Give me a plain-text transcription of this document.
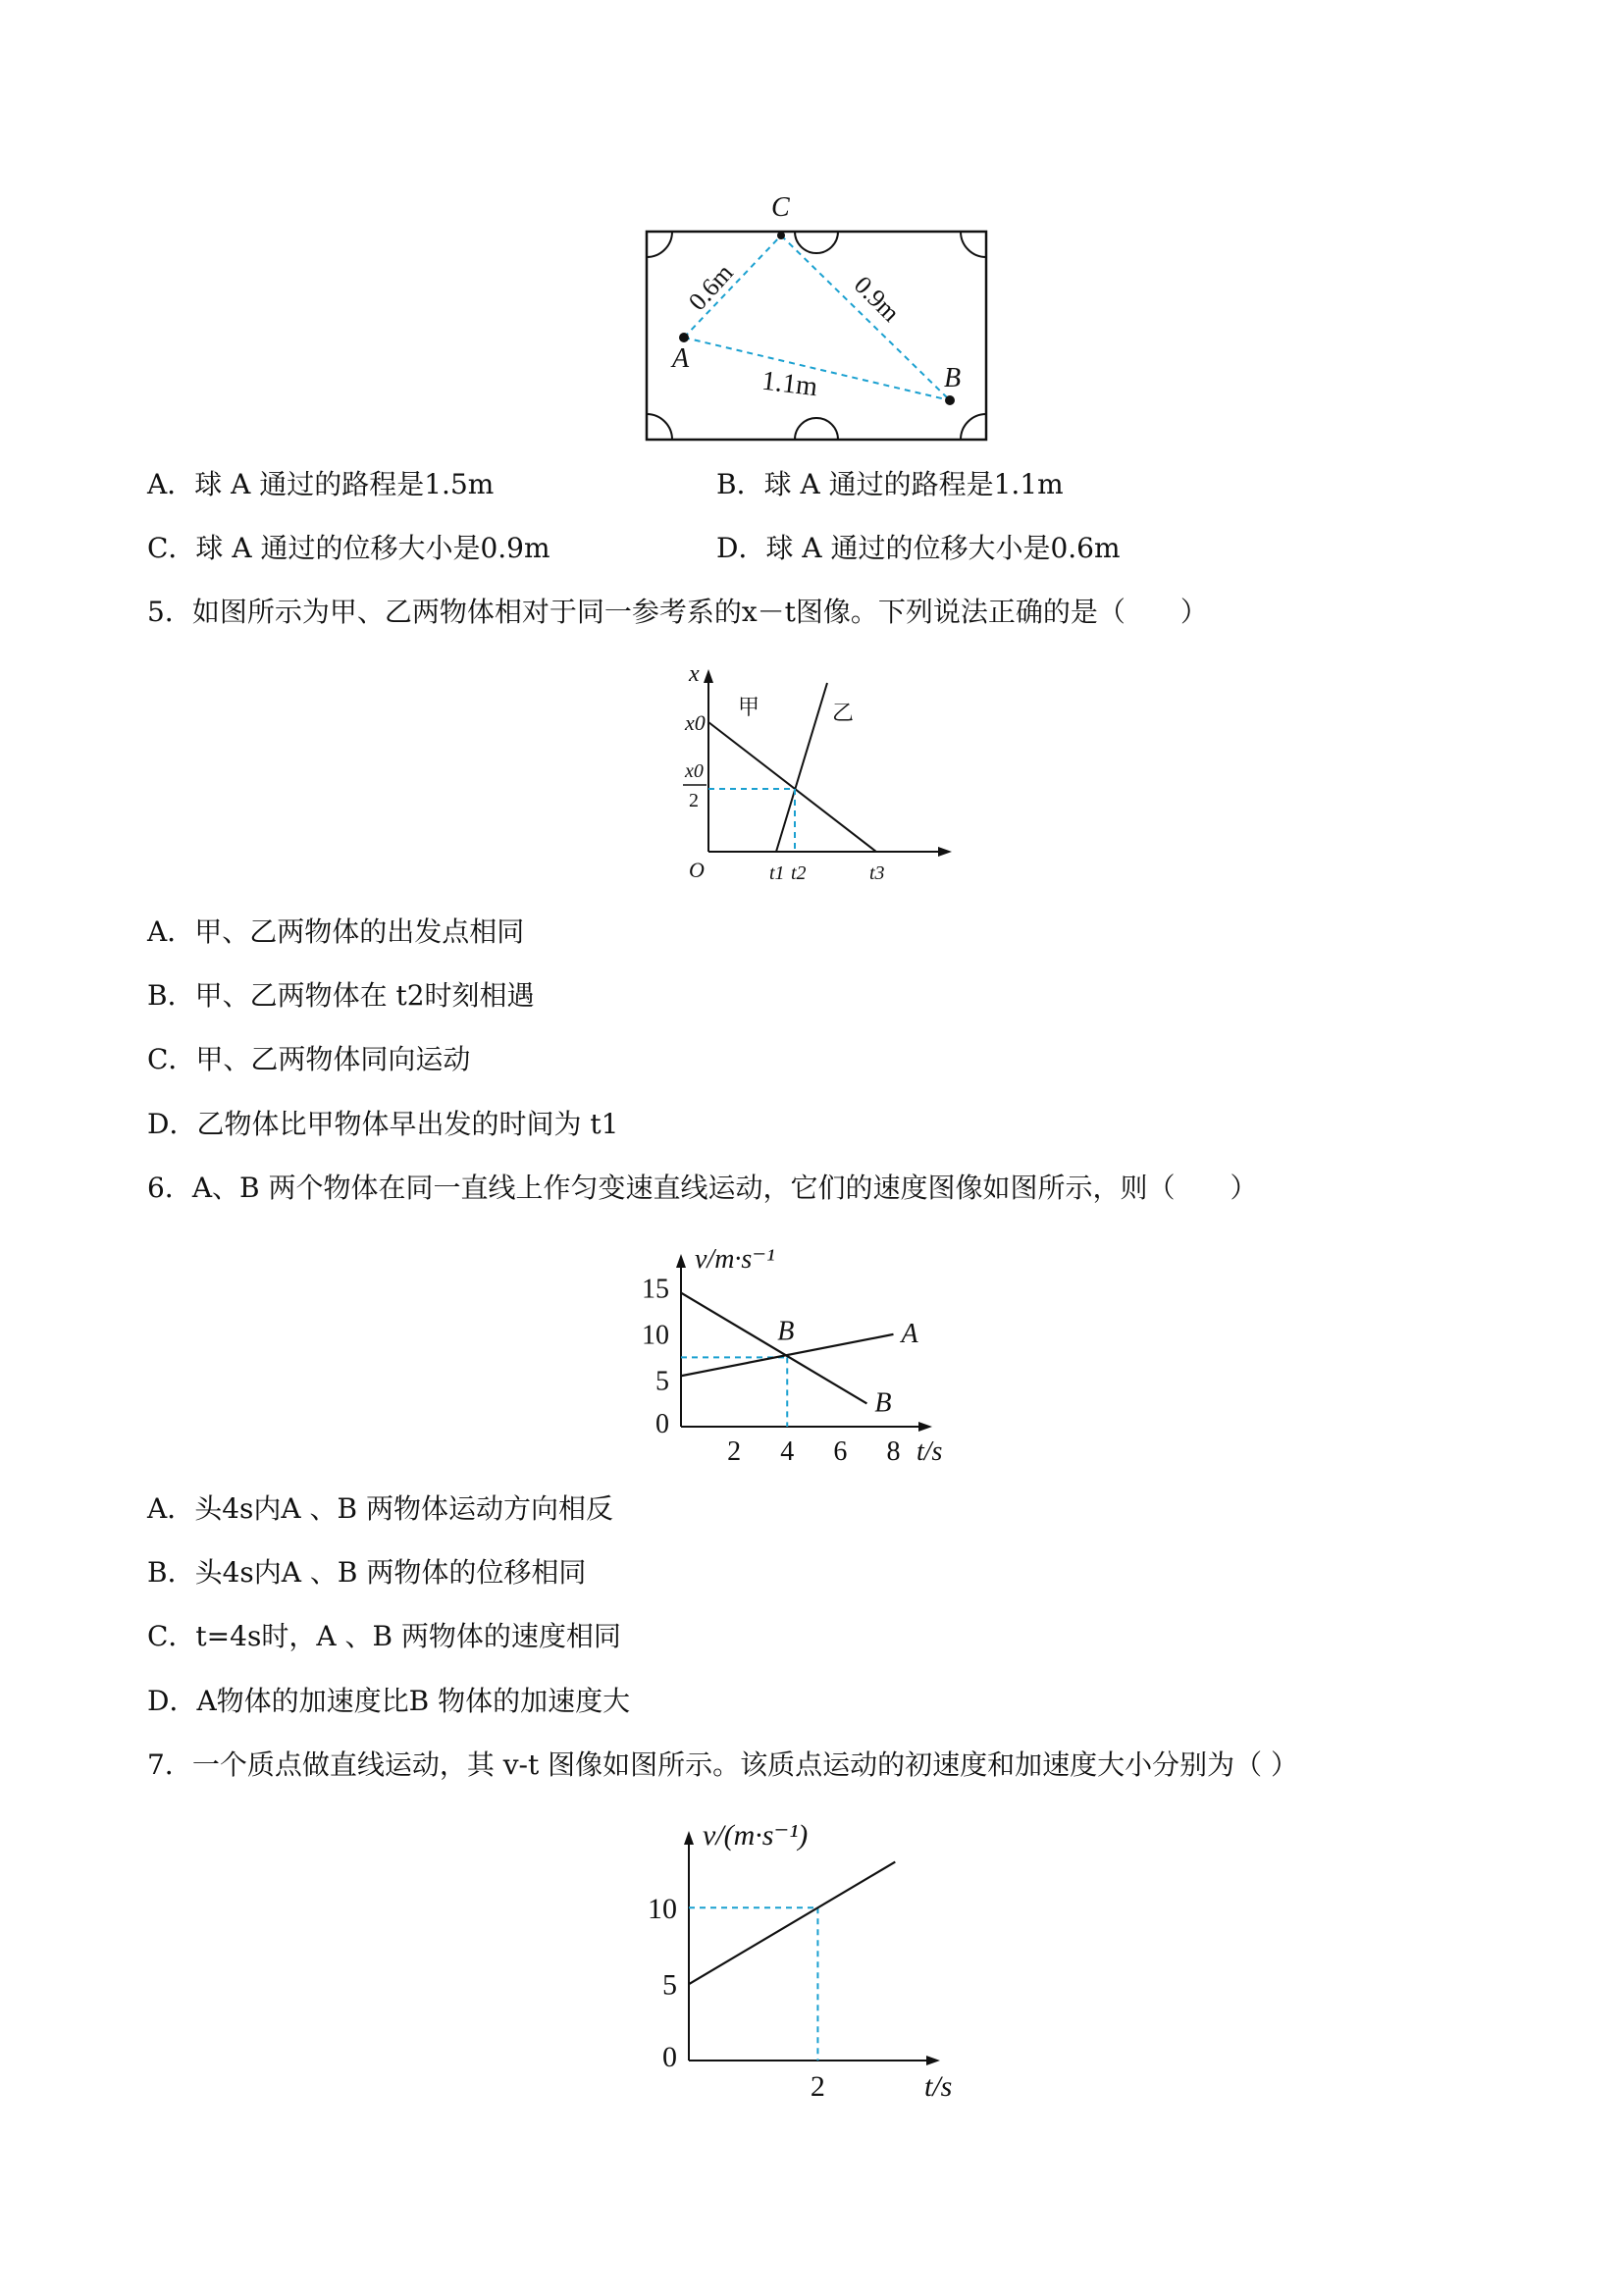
C
A
B
0.6m	0.9m
1.1m
A．球 A 通过的路程是1.5m	B．球 A 通过的路程是1.1m
C．球 A 通过的位移大小是0.9m	D．球 A 通过的位移大小是0.6m
5．如图所示为甲、乙两物体相对于同一参考系的x－t图像。下列说法正确的是（　　）
x
x0
x0
2
O	t1 t2	t3
甲	乙
A．甲、乙两物体的出发点相同
B．甲、乙两物体在 t2时刻相遇
C．甲、乙两物体同向运动
D．乙物体比甲物体早出发的时间为 t1
6．A、B 两个物体在同一直线上作匀变速直线运动，它们的速度图像如图所示，则（　　）
A
B
B
2 4 6 8
0
5
10
15
t/s
v/m·s⁻¹
A．头4s内A 、B 两物体运动方向相反
B．头4s内A 、B 两物体的位移相同
C．t=4s时，A 、B 两物体的速度相同
D．A物体的加速度比B 物体的加速度大
7．一个质点做直线运动，其 v-t 图像如图所示。该质点运动的初速度和加速度大小分别为（ ）
2
0
5
10
t/s
v/(m·s⁻¹)
